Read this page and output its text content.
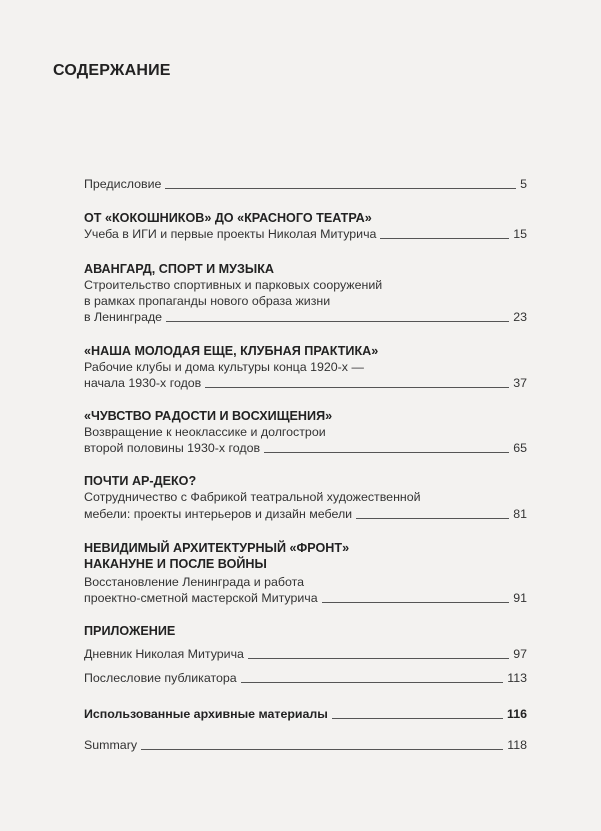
СОДЕРЖАНИЕ
Предисловие	5
ОТ «КОКОШНИКОВ» ДО «КРАСНОГО ТЕАТРА»
Учеба в ИГИ и первые проекты Николая Митурича	15
АВАНГАРД, СПОРТ И МУЗЫКА
Строительство спортивных и парковых сооружений
в рамках пропаганды нового образа жизни
в Ленинграде	23
«НАША МОЛОДАЯ ЕЩЕ, КЛУБНАЯ ПРАКТИКА»
Рабочие клубы и дома культуры конца 1920-х —
начала 1930-х годов	37
«ЧУВСТВО РАДОСТИ И ВОСХИЩЕНИЯ»
Возвращение к неоклассике и долгострои
второй половины 1930-х годов	65
ПОЧТИ АР-ДЕКО?
Сотрудничество с Фабрикой театральной художественной
мебели: проекты интерьеров и дизайн мебели	81
НЕВИДИМЫЙ АРХИТЕКТУРНЫЙ «ФРОНТ»
НАКАНУНЕ И ПОСЛЕ ВОЙНЫ
Восстановление Ленинграда и работа
проектно-сметной мастерской Митурича	91
ПРИЛОЖЕНИЕ
Дневник Николая Митурича	97
Послесловие публикатора	113
Использованные архивные материалы	116
Summary	118
